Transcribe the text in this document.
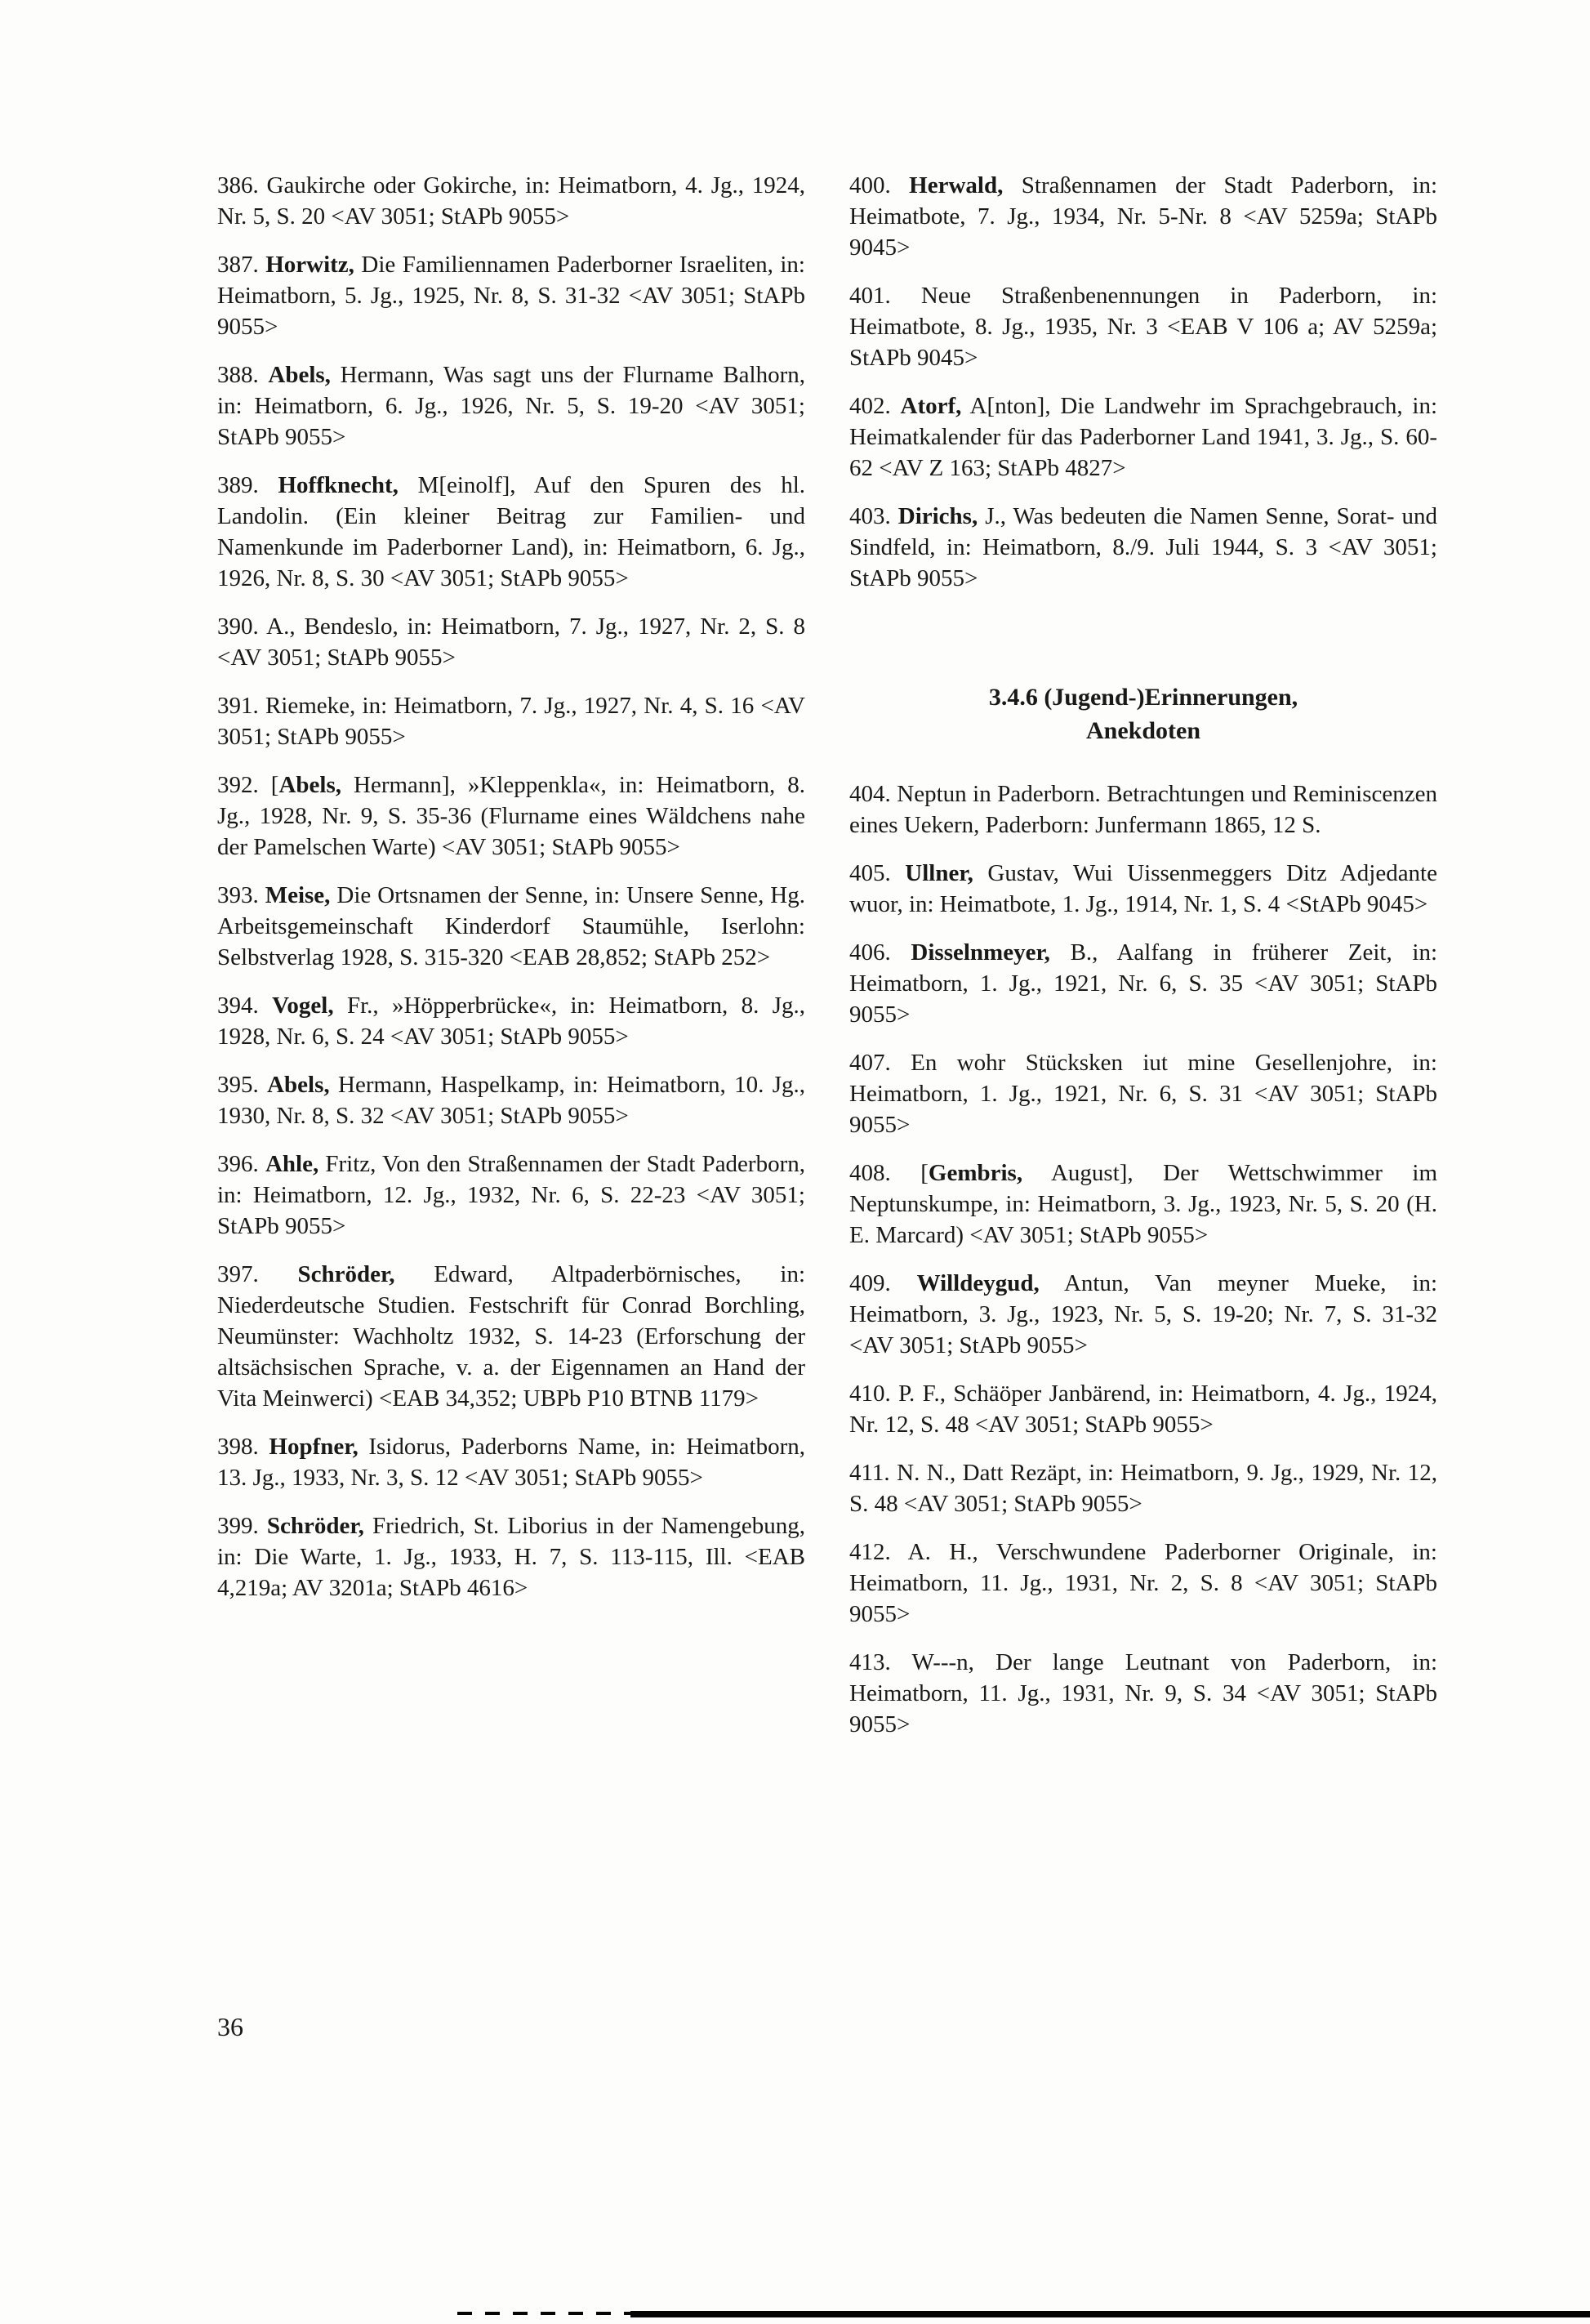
386. Gaukirche oder Gokirche, in: Heimatborn, 4. Jg., 1924, Nr. 5, S. 20 <AV 3051; StAPb 9055>

387. Horwitz, Die Familiennamen Paderborner Israeliten, in: Heimatborn, 5. Jg., 1925, Nr. 8, S. 31-32 <AV 3051; StAPb 9055>

388. Abels, Hermann, Was sagt uns der Flurname Balhorn, in: Heimatborn, 6. Jg., 1926, Nr. 5, S. 19-20 <AV 3051; StAPb 9055>

389. Hoffknecht, M[einolf], Auf den Spuren des hl. Landolin. (Ein kleiner Beitrag zur Familien- und Namenkunde im Paderborner Land), in: Heimatborn, 6. Jg., 1926, Nr. 8, S. 30 <AV 3051; StAPb 9055>

390. A., Bendeslo, in: Heimatborn, 7. Jg., 1927, Nr. 2, S. 8 <AV 3051; StAPb 9055>

391. Riemeke, in: Heimatborn, 7. Jg., 1927, Nr. 4, S. 16 <AV 3051; StAPb 9055>

392. [Abels, Hermann], »Kleppenkla«, in: Heimatborn, 8. Jg., 1928, Nr. 9, S. 35-36 (Flurname eines Wäldchens nahe der Pamelschen Warte) <AV 3051; StAPb 9055>

393. Meise, Die Ortsnamen der Senne, in: Unsere Senne, Hg. Arbeitsgemeinschaft Kinderdorf Staumühle, Iserlohn: Selbstverlag 1928, S. 315-320 <EAB 28,852; StAPb 252>

394. Vogel, Fr., »Höpperbrücke«, in: Heimatborn, 8. Jg., 1928, Nr. 6, S. 24 <AV 3051; StAPb 9055>

395. Abels, Hermann, Haspelkamp, in: Heimatborn, 10. Jg., 1930, Nr. 8, S. 32 <AV 3051; StAPb 9055>

396. Ahle, Fritz, Von den Straßennamen der Stadt Paderborn, in: Heimatborn, 12. Jg., 1932, Nr. 6, S. 22-23 <AV 3051; StAPb 9055>

397. Schröder, Edward, Altpaderbörnisches, in: Niederdeutsche Studien. Festschrift für Conrad Borchling, Neumünster: Wachholtz 1932, S. 14-23 (Erforschung der altsächsischen Sprache, v. a. der Eigennamen an Hand der Vita Meinwerci) <EAB 34,352; UBPb P10 BTNB 1179>

398. Hopfner, Isidorus, Paderborns Name, in: Heimatborn, 13. Jg., 1933, Nr. 3, S. 12 <AV 3051; StAPb 9055>

399. Schröder, Friedrich, St. Liborius in der Namengebung, in: Die Warte, 1. Jg., 1933, H. 7, S. 113-115, Ill. <EAB 4,219a; AV 3201a; StAPb 4616>

400. Herwald, Straßennamen der Stadt Paderborn, in: Heimatbote, 7. Jg., 1934, Nr. 5-Nr. 8 <AV 5259a; StAPb 9045>

401. Neue Straßenbenennungen in Paderborn, in: Heimatbote, 8. Jg., 1935, Nr. 3 <EAB V 106 a; AV 5259a; StAPb 9045>

402. Atorf, A[nton], Die Landwehr im Sprachgebrauch, in: Heimatkalender für das Paderborner Land 1941, 3. Jg., S. 60-62 <AV Z 163; StAPb 4827>

403. Dirichs, J., Was bedeuten die Namen Senne, Sorat- und Sindfeld, in: Heimatborn, 8./9. Juli 1944, S. 3 <AV 3051; StAPb 9055>

3.4.6 (Jugend-)Erinnerungen,
Anekdoten

404. Neptun in Paderborn. Betrachtungen und Reminiscenzen eines Uekern, Paderborn: Junfermann 1865, 12 S.

405. Ullner, Gustav, Wui Uissenmeggers Ditz Adjedante wuor, in: Heimatbote, 1. Jg., 1914, Nr. 1, S. 4 <StAPb 9045>

406. Disselnmeyer, B., Aalfang in früherer Zeit, in: Heimatborn, 1. Jg., 1921, Nr. 6, S. 35 <AV 3051; StAPb 9055>

407. En wohr Stücksken iut mine Gesellenjohre, in: Heimatborn, 1. Jg., 1921, Nr. 6, S. 31 <AV 3051; StAPb 9055>

408. [Gembris, August], Der Wettschwimmer im Neptunskumpe, in: Heimatborn, 3. Jg., 1923, Nr. 5, S. 20 (H. E. Marcard) <AV 3051; StAPb 9055>

409. Willdeygud, Antun, Van meyner Mueke, in: Heimatborn, 3. Jg., 1923, Nr. 5, S. 19-20; Nr. 7, S. 31-32 <AV 3051; StAPb 9055>

410. P. F., Schäöper Janbärend, in: Heimatborn, 4. Jg., 1924, Nr. 12, S. 48 <AV 3051; StAPb 9055>

411. N. N., Datt Rezäpt, in: Heimatborn, 9. Jg., 1929, Nr. 12, S. 48 <AV 3051; StAPb 9055>

412. A. H., Verschwundene Paderborner Originale, in: Heimatborn, 11. Jg., 1931, Nr. 2, S. 8 <AV 3051; StAPb 9055>

413. W---n, Der lange Leutnant von Paderborn, in: Heimatborn, 11. Jg., 1931, Nr. 9, S. 34 <AV 3051; StAPb 9055>

36
